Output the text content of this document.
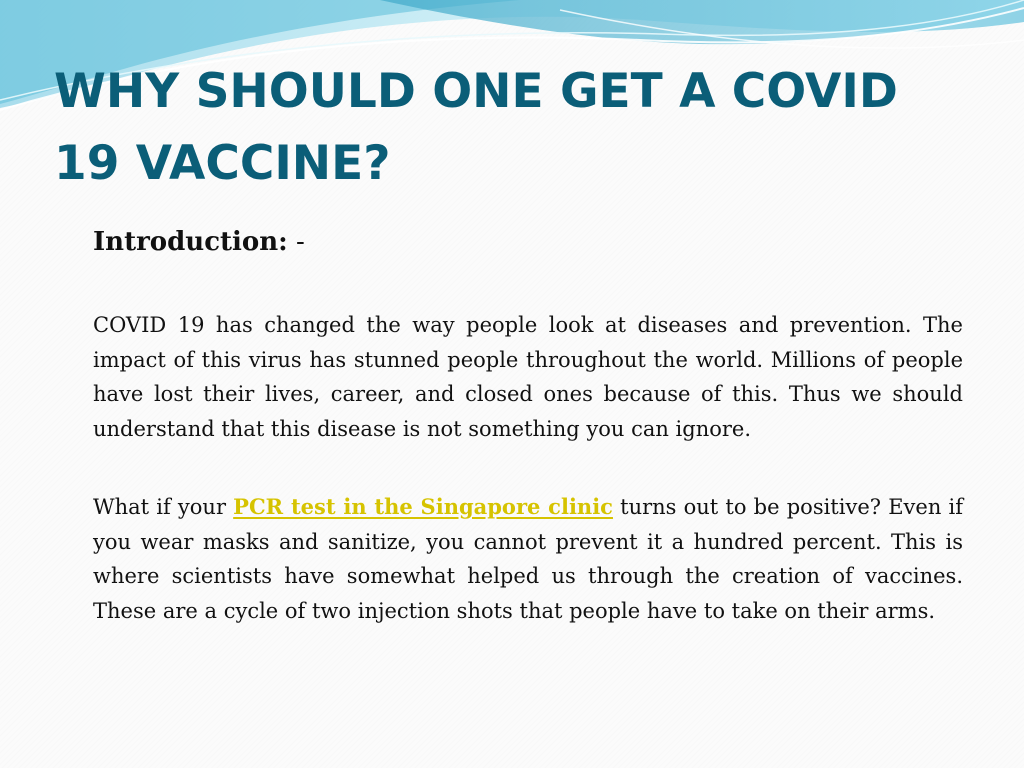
WHY SHOULD ONE GET A COVID 19 VACCINE?

Introduction: -

COVID 19 has changed the way people look at diseases and prevention. The impact of this virus has stunned people throughout the world. Millions of people have lost their lives, career, and closed ones because of this. Thus we should understand that this disease is not something you can ignore.

What if your PCR test in the Singapore clinic turns out to be positive? Even if you wear masks and sanitize, you cannot prevent it a hundred percent. This is where scientists have somewhat helped us through the creation of vaccines. These are a cycle of two injection shots that people have to take on their arms.
